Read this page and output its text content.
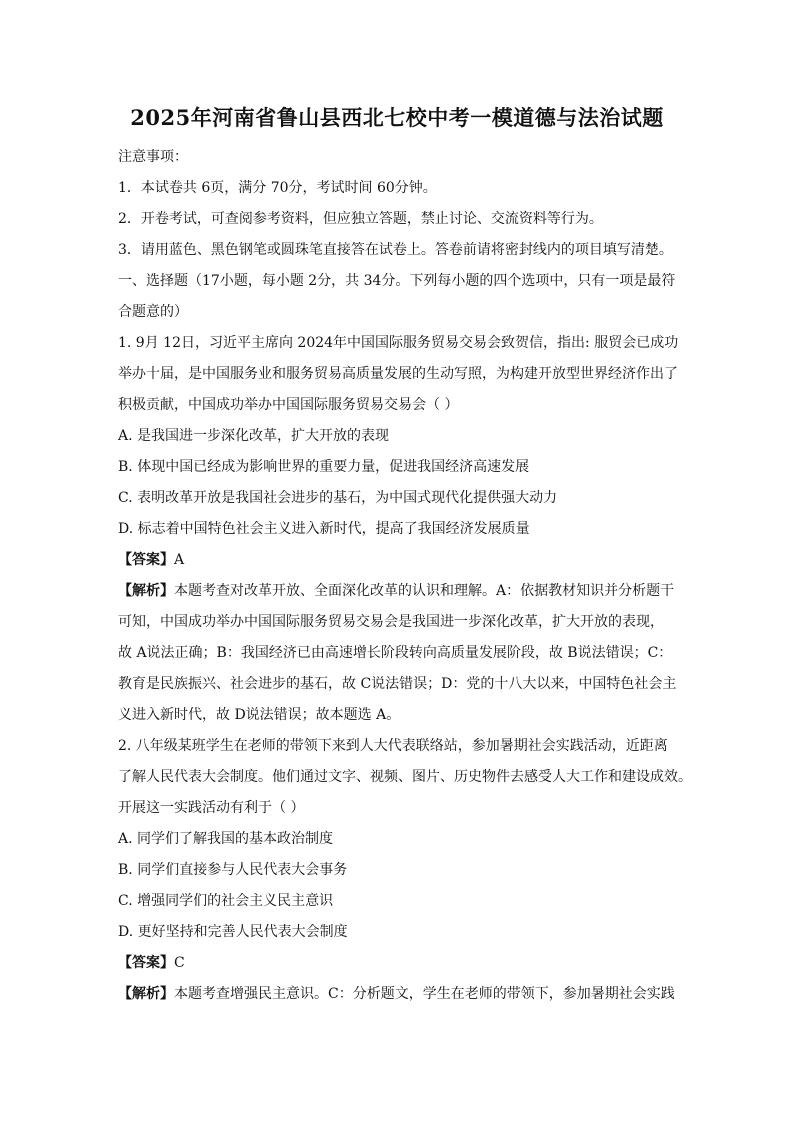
2025年河南省鲁山县西北七校中考一模道德与法治试题
注意事项：
1．本试卷共 6页，满分 70分，考试时间 60分钟。
2．开卷考试，可查阅参考资料，但应独立答题，禁止讨论、交流资料等行为。
3．请用蓝色、黑色钢笔或圆珠笔直接答在试卷上。答卷前请将密封线内的项目填写清楚。
一、选择题（17小题，每小题 2分，共 34分。下列每小题的四个选项中，只有一项是最符
合题意的）
1. 9月 12日，习近平主席向 2024年中国国际服务贸易交易会致贺信，指出: 服贸会已成功
举办十届，是中国服务业和服务贸易高质量发展的生动写照，为构建开放型世界经济作出了
积极贡献，中国成功举办中国国际服务贸易交易会（ ）
A. 是我国进一步深化改革，扩大开放的表现
B. 体现中国已经成为影响世界的重要力量，促进我国经济高速发展
C. 表明改革开放是我国社会进步的基石，为中国式现代化提供强大动力
D. 标志着中国特色社会主义进入新时代，提高了我国经济发展质量
【答案】A
【解析】本题考查对改革开放、全面深化改革的认识和理解。A：依据教材知识并分析题干
可知，中国成功举办中国国际服务贸易交易会是我国进一步深化改革，扩大开放的表现，
故 A说法正确；B：我国经济已由高速增长阶段转向高质量发展阶段，故 B说法错误；C：
教育是民族振兴、社会进步的基石，故 C说法错误；D：党的十八大以来，中国特色社会主
义进入新时代，故 D说法错误；故本题选 A。
2. 八年级某班学生在老师的带领下来到人大代表联络站，参加暑期社会实践活动，近距离
了解人民代表大会制度。他们通过文字、视频、图片、历史物件去感受人大工作和建设成效。
开展这一实践活动有利于（ ）
A. 同学们了解我国的基本政治制度
B. 同学们直接参与人民代表大会事务
C. 增强同学们的社会主义民主意识
D. 更好坚持和完善人民代表大会制度
【答案】C
【解析】本题考查增强民主意识。C：分析题文，学生在老师的带领下，参加暑期社会实践
